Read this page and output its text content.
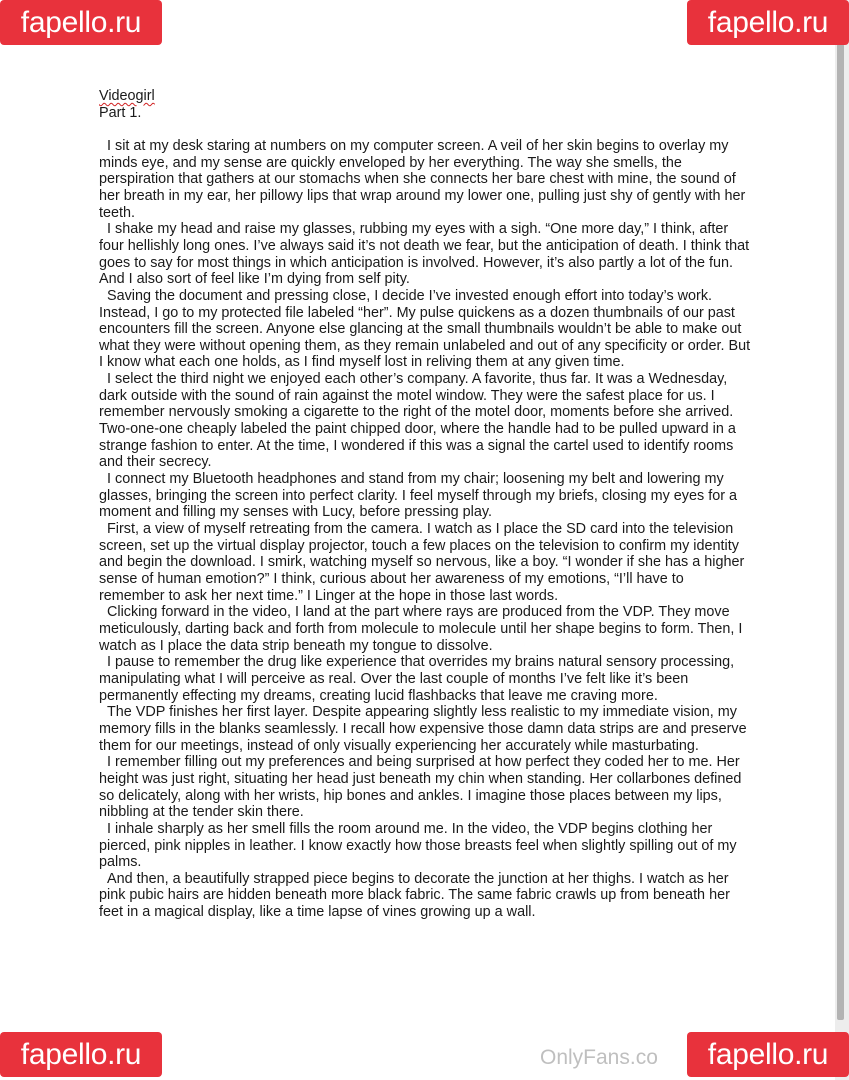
Videogirl
Part 1.

I sit at my desk staring at numbers on my computer screen. A veil of her skin begins to overlay my minds eye, and my sense are quickly enveloped by her everything. The way she smells, the perspiration that gathers at our stomachs when she connects her bare chest with mine, the sound of her breath in my ear, her pillowy lips that wrap around my lower one, pulling just shy of gently with her teeth.

I shake my head and raise my glasses, rubbing my eyes with a sigh. “One more day,” I think, after four hellishly long ones. I’ve always said it’s not death we fear, but the anticipation of death. I think that goes to say for most things in which anticipation is involved. However, it’s also partly a lot of the fun. And I also sort of feel like I’m dying from self pity.

Saving the document and pressing close, I decide I’ve invested enough effort into today’s work. Instead, I go to my protected file labeled “her”. My pulse quickens as a dozen thumbnails of our past encounters fill the screen. Anyone else glancing at the small thumbnails wouldn’t be able to make out what they were without opening them, as they remain unlabeled and out of any specificity or order. But I know what each one holds, as I find myself lost in reliving them at any given time.

I select the third night we enjoyed each other’s company. A favorite, thus far. It was a Wednesday, dark outside with the sound of rain against the motel window. They were the safest place for us. I remember nervously smoking a cigarette to the right of the motel door, moments before she arrived. Two-one-one cheaply labeled the paint chipped door, where the handle had to be pulled upward in a strange fashion to enter. At the time, I wondered if this was a signal the cartel used to identify rooms and their secrecy.

I connect my Bluetooth headphones and stand from my chair; loosening my belt and lowering my glasses, bringing the screen into perfect clarity. I feel myself through my briefs, closing my eyes for a moment and filling my senses with Lucy, before pressing play.

First, a view of myself retreating from the camera. I watch as I place the SD card into the television screen, set up the virtual display projector, touch a few places on the television to confirm my identity and begin the download. I smirk, watching myself so nervous, like a boy. “I wonder if she has a higher sense of human emotion?” I think, curious about her awareness of my emotions, “I’ll have to remember to ask her next time.” I Linger at the hope in those last words.

Clicking forward in the video, I land at the part where rays are produced from the VDP. They move meticulously, darting back and forth from molecule to molecule until her shape begins to form. Then, I watch as I place the data strip beneath my tongue to dissolve.

I pause to remember the drug like experience that overrides my brains natural sensory processing, manipulating what I will perceive as real. Over the last couple of months I’ve felt like it’s been permanently effecting my dreams, creating lucid flashbacks that leave me craving more.

The VDP finishes her first layer. Despite appearing slightly less realistic to my immediate vision, my memory fills in the blanks seamlessly. I recall how expensive those damn data strips are and preserve them for our meetings, instead of only visually experiencing her accurately while masturbating.

I remember filling out my preferences and being surprised at how perfect they coded her to me. Her height was just right, situating her head just beneath my chin when standing. Her collarbones defined so delicately, along with her wrists, hip bones and ankles. I imagine those places between my lips, nibbling at the tender skin there.

I inhale sharply as her smell fills the room around me. In the video, the VDP begins clothing her pierced, pink nipples in leather. I know exactly how those breasts feel when slightly spilling out of my palms.

And then, a beautifully strapped piece begins to decorate the junction at her thighs. I watch as her pink pubic hairs are hidden beneath more black fabric. The same fabric crawls up from beneath her feet in a magical display, like a time lapse of vines growing up a wall.

OnlyFans.co
fapello.ru	fapello.ru
fapello.ru	fapello.ru
